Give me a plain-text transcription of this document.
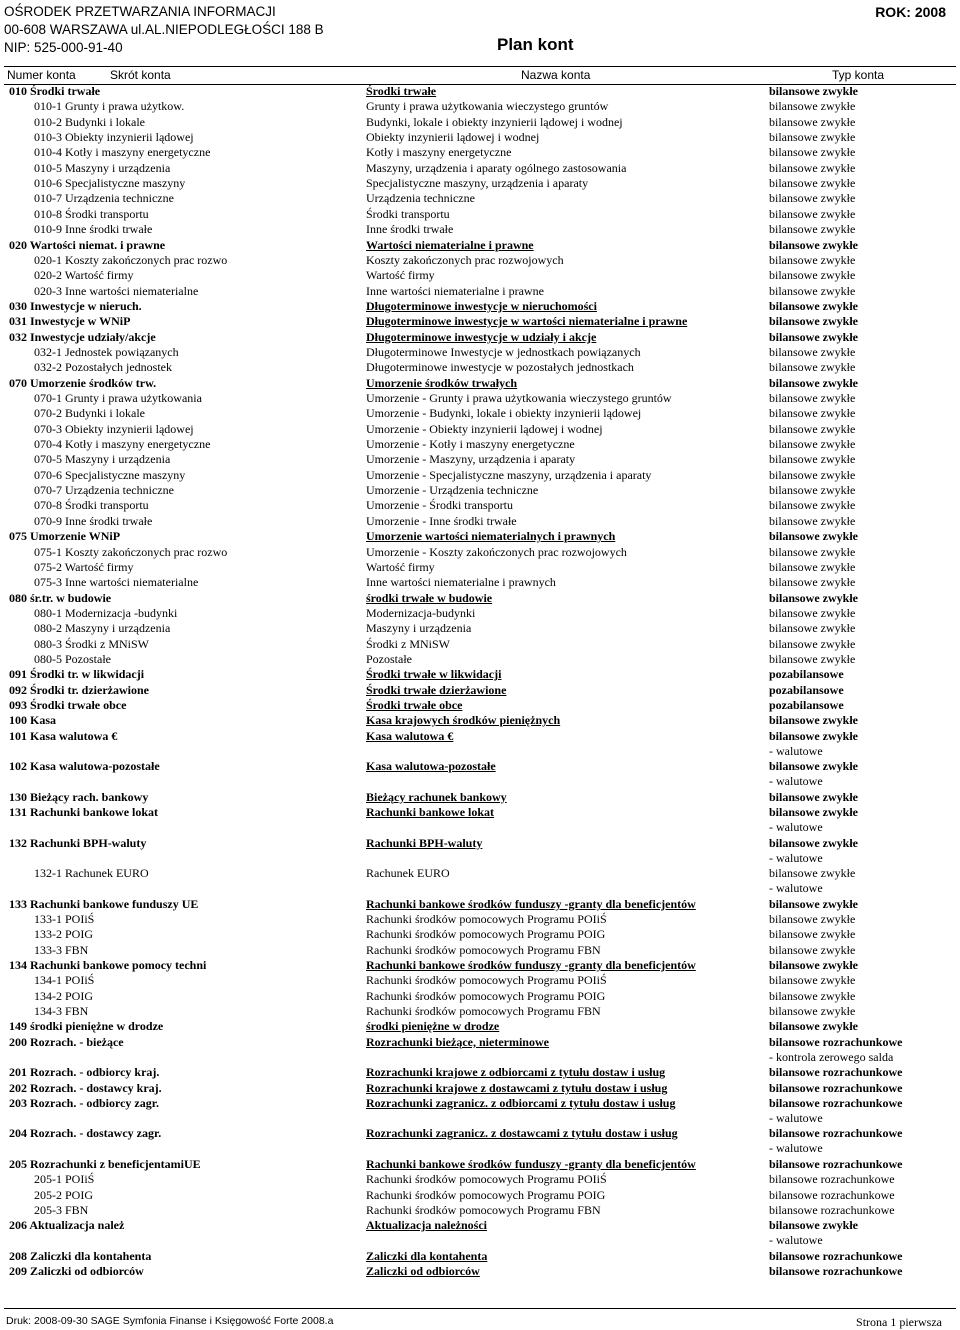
OŚRODEK PRZETWARZANIA INFORMACJI
00-608 WARSZAWA ul.AL.NIEPODLEGŁOŚCI 188 B
NIP: 525-000-91-40
ROK: 2008
Plan kont
Numer konta	Skrót konta	Nazwa konta	Typ konta
010 Środki trwałe	Środki trwałe	bilansowe zwykłe
010-1 Grunty i prawa użytkow.	Grunty i prawa użytkowania wieczystego gruntów	bilansowe zwykłe
010-2 Budynki i lokale	Budynki, lokale i obiekty inzynierii lądowej i wodnej	bilansowe zwykłe
010-3 Obiekty inzynierii lądowej	Obiekty inzynierii lądowej i wodnej	bilansowe zwykłe
010-4 Kotły i maszyny energetyczne	Kotły i maszyny energetyczne	bilansowe zwykłe
010-5 Maszyny i urządzenia	Maszyny, urządzenia i aparaty ogólnego zastosowania	bilansowe zwykłe
010-6 Specjalistyczne maszyny	Specjalistyczne maszyny, urządzenia i aparaty	bilansowe zwykłe
010-7 Urządzenia techniczne	Urządzenia techniczne	bilansowe zwykłe
010-8 Środki transportu	Środki transportu	bilansowe zwykłe
010-9 Inne środki trwałe	Inne środki trwałe	bilansowe zwykłe
020 Wartości niemat. i prawne	Wartości niematerialne i prawne	bilansowe zwykłe
020-1 Koszty zakończonych prac rozwo	Koszty zakończonych prac rozwojowych	bilansowe zwykłe
020-2 Wartość firmy	Wartość firmy	bilansowe zwykłe
020-3 Inne wartości niematerialne	Inne wartości niematerialne i prawne	bilansowe zwykłe
030 Inwestycje w nieruch.	Długoterminowe inwestycje w nieruchomości	bilansowe zwykłe
031 Inwestycje w WNiP	Długoterminowe inwestycje w wartości niematerialne i prawne	bilansowe zwykłe
032 Inwestycje udziały/akcje	Długoterminowe inwestycje w udziały i akcje	bilansowe zwykłe
032-1 Jednostek powiązanych	Długoterminowe Inwestycje w jednostkach powiązanych	bilansowe zwykłe
032-2 Pozostałych jednostek	Długoterminowe inwestycje w pozostałych jednostkach	bilansowe zwykłe
070 Umorzenie środków trw.	Umorzenie środków trwałych	bilansowe zwykłe
070-1 Grunty i prawa użytkowania	Umorzenie - Grunty i prawa użytkowania wieczystego gruntów	bilansowe zwykłe
070-2 Budynki i lokale	Umorzenie - Budynki, lokale i obiekty inzynierii lądowej	bilansowe zwykłe
070-3 Obiekty inzynierii lądowej	Umorzenie - Obiekty inzynierii lądowej i wodnej	bilansowe zwykłe
070-4 Kotły i maszyny energetyczne	Umorzenie - Kotły i maszyny energetyczne	bilansowe zwykłe
070-5 Maszyny i urządzenia	Umorzenie - Maszyny, urządzenia i aparaty	bilansowe zwykłe
070-6 Specjalistyczne maszyny	Umorzenie - Specjalistyczne maszyny, urządzenia i aparaty	bilansowe zwykłe
070-7 Urządzenia techniczne	Umorzenie - Urządzenia techniczne	bilansowe zwykłe
070-8 Środki transportu	Umorzenie - Środki transportu	bilansowe zwykłe
070-9 Inne środki trwałe	Umorzenie - Inne środki trwałe	bilansowe zwykłe
075 Umorzenie WNiP	Umorzenie wartości niematerialnych i prawnych	bilansowe zwykłe
075-1 Koszty zakończonych prac rozwo	Umorzenie - Koszty zakończonych prac rozwojowych	bilansowe zwykłe
075-2 Wartość firmy	Wartość firmy	bilansowe zwykłe
075-3 Inne wartości niematerialne	Inne wartości niematerialne i prawnych	bilansowe zwykłe
080 śr.tr. w budowie	środki trwałe w budowie	bilansowe zwykłe
080-1 Modernizacja -budynki	Modernizacja-budynki	bilansowe zwykłe
080-2 Maszyny i urządzenia	Maszyny i urządzenia	bilansowe zwykłe
080-3 Środki z MNiSW	Środki z MNiSW	bilansowe zwykłe
080-5 Pozostałe	Pozostałe	bilansowe zwykłe
091 Środki tr. w likwidacji	Środki trwałe w likwidacji	pozabilansowe
092 Środki tr. dzierżawione	Środki trwałe dzierżawione	pozabilansowe
093 Środki trwałe obce	Środki trwałe obce	pozabilansowe
100 Kasa	Kasa krajowych środków pieniężnych	bilansowe zwykłe
101 Kasa walutowa €	Kasa walutowa €	bilansowe zwykłe
- walutowe
102 Kasa walutowa-pozostałe	Kasa walutowa-pozostałe	bilansowe zwykłe
- walutowe
130 Bieżący rach. bankowy	Bieżący rachunek bankowy	bilansowe zwykłe
131 Rachunki bankowe lokat	Rachunki bankowe lokat	bilansowe zwykłe
- walutowe
132 Rachunki BPH-waluty	Rachunki BPH-waluty	bilansowe zwykłe
- walutowe
132-1 Rachunek EURO	Rachunek EURO	bilansowe zwykłe
- walutowe
133 Rachunki bankowe funduszy UE	Rachunki bankowe środków funduszy -granty dla beneficjentów	bilansowe zwykłe
133-1 POIiŚ	Rachunki środków pomocowych Programu POIiŚ	bilansowe zwykłe
133-2 POIG	Rachunki środków pomocowych Programu POIG	bilansowe zwykłe
133-3 FBN	Rachunki środków pomocowych Programu FBN	bilansowe zwykłe
134 Rachunki bankowe pomocy techni	Rachunki bankowe środków funduszy -granty dla beneficjentów	bilansowe zwykłe
134-1 POIiŚ	Rachunki środków pomocowych Programu POIiŚ	bilansowe zwykłe
134-2 POIG	Rachunki środków pomocowych Programu POIG	bilansowe zwykłe
134-3 FBN	Rachunki środków pomocowych Programu FBN	bilansowe zwykłe
149 środki pieniężne w drodze	środki pieniężne w drodze	bilansowe zwykłe
200 Rozrach. - bieżące	Rozrachunki bieżące, nieterminowe	bilansowe rozrachunkowe
- kontrola zerowego salda
201 Rozrach. - odbiorcy kraj.	Rozrachunki krajowe z odbiorcami z tytułu dostaw i usług	bilansowe rozrachunkowe
202 Rozrach. - dostawcy kraj.	Rozrachunki krajowe z dostawcami z tytułu dostaw i usług	bilansowe rozrachunkowe
203 Rozrach. - odbiorcy zagr.	Rozrachunki zagranicz. z odbiorcami z tytułu dostaw i usług	bilansowe rozrachunkowe
- walutowe
204 Rozrach. - dostawcy zagr.	Rozrachunki zagranicz. z dostawcami z tytułu dostaw i usług	bilansowe rozrachunkowe
- walutowe
205 Rozrachunki z beneficjentamiUE	Rachunki bankowe środków funduszy -granty dla beneficjentów	bilansowe rozrachunkowe
205-1 POIiŚ	Rachunki środków pomocowych Programu POIiŚ	bilansowe rozrachunkowe
205-2 POIG	Rachunki środków pomocowych Programu POIG	bilansowe rozrachunkowe
205-3 FBN	Rachunki środków pomocowych Programu FBN	bilansowe rozrachunkowe
206 Aktualizacja należ	Aktualizacja należności	bilansowe zwykłe
- walutowe
208 Zaliczki dla kontahenta	Zaliczki dla kontahenta	bilansowe rozrachunkowe
209 Zaliczki od odbiorców	Zaliczki od odbiorców	bilansowe rozrachunkowe
Druk: 2008-09-30 SAGE Symfonia Finanse i Księgowość Forte 2008.a	Strona 1 pierwsza
